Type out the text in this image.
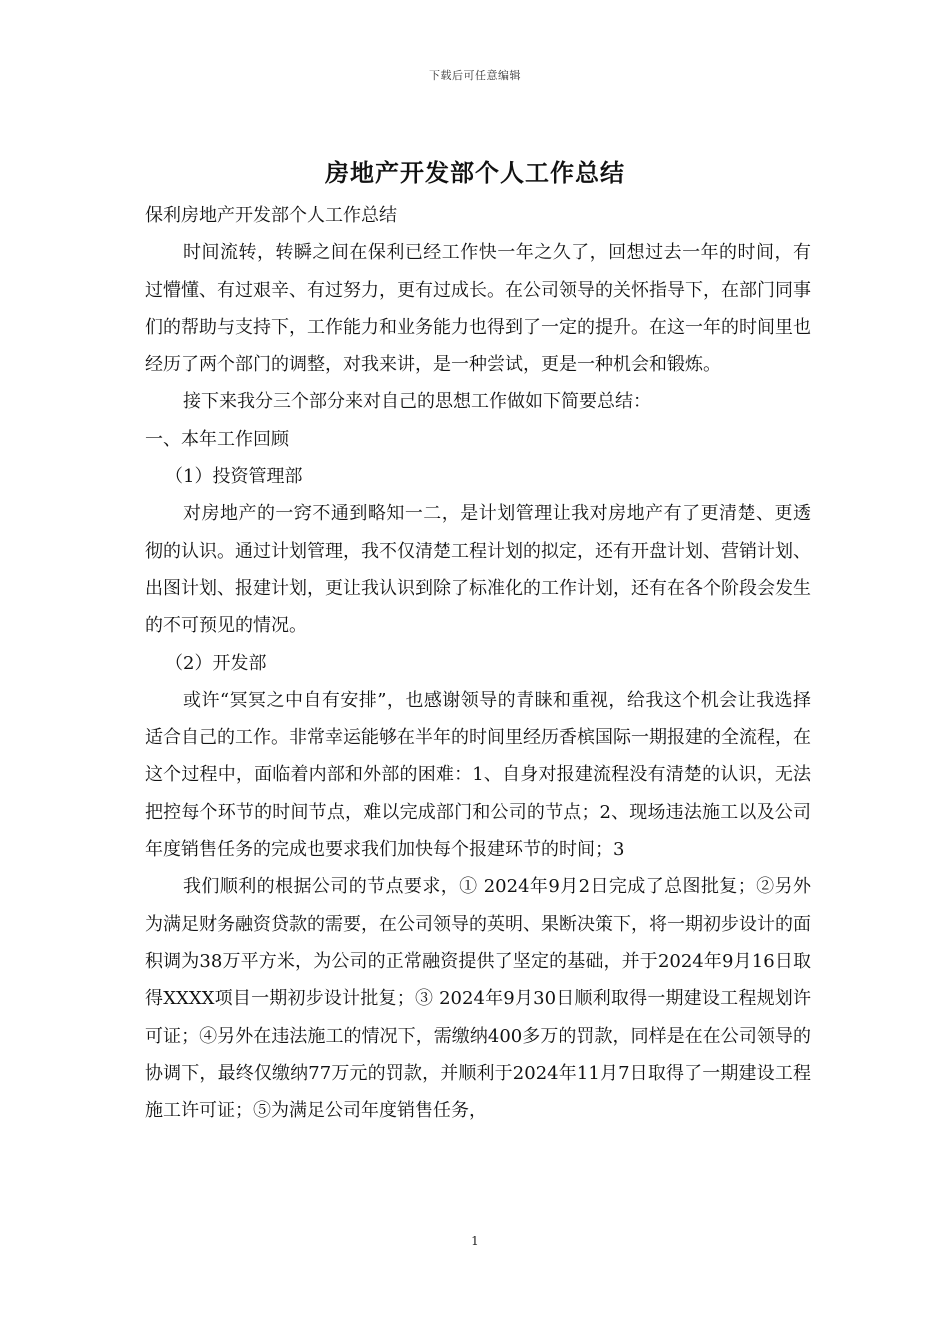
下载后可任意编辑
房地产开发部个人工作总结

保利房地产开发部个人工作总结

时间流转，转瞬之间在保利已经工作快一年之久了，回想过去一年的时间，有过懵懂、有过艰辛、有过努力，更有过成长。在公司领导的关怀指导下，在部门同事们的帮助与支持下，工作能力和业务能力也得到了一定的提升。在这一年的时间里也经历了两个部门的调整，对我来讲，是一种尝试，更是一种机会和锻炼。

接下来我分三个部分来对自己的思想工作做如下简要总结：

一、本年工作回顾

（1）投资管理部

对房地产的一窍不通到略知一二，是计划管理让我对房地产有了更清楚、更透彻的认识。通过计划管理，我不仅清楚工程计划的拟定，还有开盘计划、营销计划、出图计划、报建计划，更让我认识到除了标准化的工作计划，还有在各个阶段会发生的不可预见的情况。

（2）开发部

或许“冥冥之中自有安排”，也感谢领导的青睐和重视，给我这个机会让我选择适合自己的工作。非常幸运能够在半年的时间里经历香槟国际一期报建的全流程，在这个过程中，面临着内部和外部的困难：1、自身对报建流程没有清楚的认识，无法把控每个环节的时间节点，难以完成部门和公司的节点；2、现场违法施工以及公司年度销售任务的完成也要求我们加快每个报建环节的时间；3

我们顺利的根据公司的节点要求，① 2024年9月2日完成了总图批复；②另外为满足财务融资贷款的需要，在公司领导的英明、果断决策下，将一期初步设计的面积调为38万平方米，为公司的正常融资提供了坚定的基础，并于2024年9月16日取得XXXX项目一期初步设计批复；③ 2024年9月30日顺利取得一期建设工程规划许可证；④另外在违法施工的情况下，需缴纳400多万的罚款，同样是在在公司领导的协调下，最终仅缴纳77万元的罚款，并顺利于2024年11月7日取得了一期建设工程施工许可证；⑤为满足公司年度销售任务，

1
